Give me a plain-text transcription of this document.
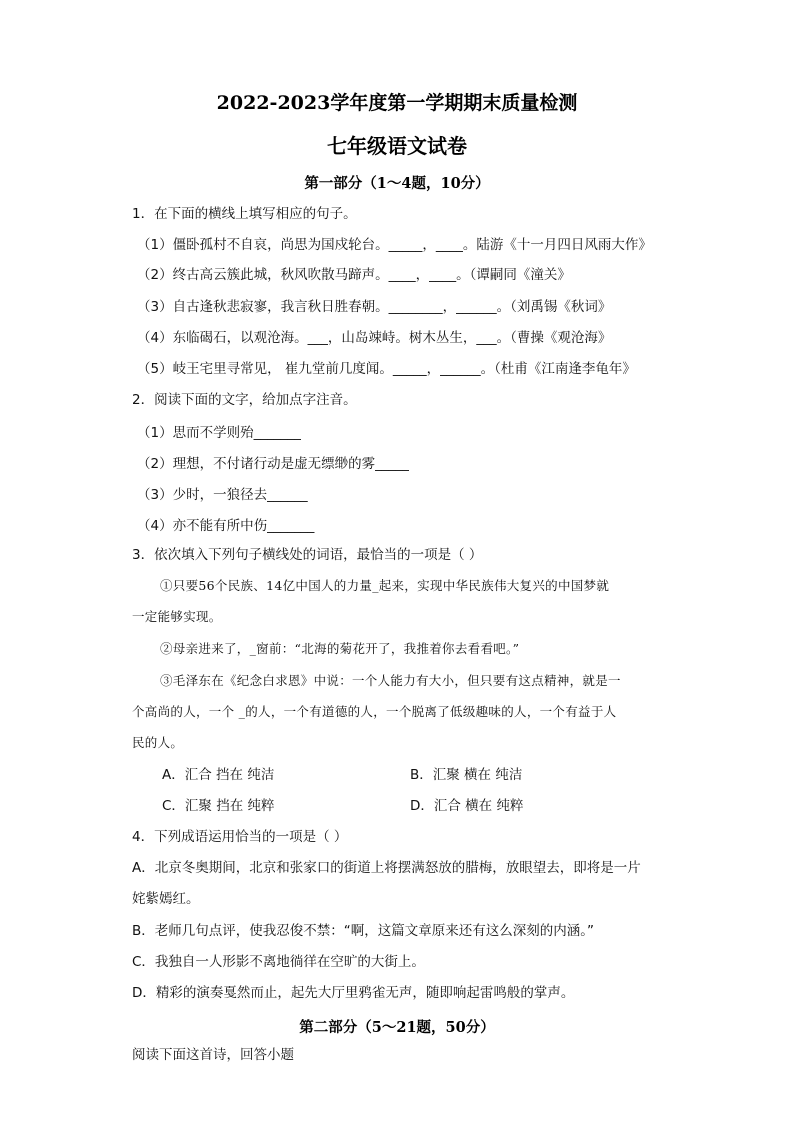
2022-2023学年度第一学期期末质量检测
七年级语文试卷
第一部分（1～4题，10分）
1．在下面的横线上填写相应的句子。
（1）僵卧孤村不自哀，尚思为国戍轮台。_____，____。陆游《十一月四日风雨大作》
（2）终古高云簇此城，秋风吹散马蹄声。____，____。（谭嗣同《潼关》
（3）自古逢秋悲寂寥，我言秋日胜春朝。________，______。（刘禹锡《秋词》
（4）东临碣石，以观沧海。___，山岛竦峙。树木丛生，___。（曹操《观沧海》
（5）岐王宅里寻常见， 崔九堂前几度闻。_____，______。（杜甫《江南逢李龟年》
2．阅读下面的文字，给加点字注音。
（1）思而不学则殆_______
（2）理想，不付诸行动是虚无缥缈的雾_____
（3）少时，一狼径去______
（4）亦不能有所中伤_______
3．依次填入下列句子横线处的词语，最恰当的一项是（ ）
①只要56个民族、14亿中国人的力量_起来，实现中华民族伟大复兴的中国梦就
一定能够实现。
②母亲进来了，_窗前：“北海的菊花开了，我推着你去看看吧。”
③毛泽东在《纪念白求恩》中说：一个人能力有大小，但只要有这点精神，就是一
个高尚的人，一个 _的人，一个有道德的人，一个脱离了低级趣味的人，一个有益于人
民的人。
A．汇合 挡在 纯洁	B．汇聚 横在 纯洁
C．汇聚 挡在 纯粹	D．汇合 横在 纯粹
4．下列成语运用恰当的一项是（ ）
A．北京冬奥期间，北京和张家口的街道上将摆满怒放的腊梅，放眼望去，即将是一片
姹紫嫣红。
B．老师几句点评，使我忍俊不禁：“啊，这篇文章原来还有这么深刻的内涵。”
C．我独自一人形影不离地徜徉在空旷的大街上。
D．精彩的演奏戛然而止，起先大厅里鸦雀无声，随即响起雷鸣般的掌声。
第二部分（5～21题，50分）
阅读下面这首诗，回答小题
